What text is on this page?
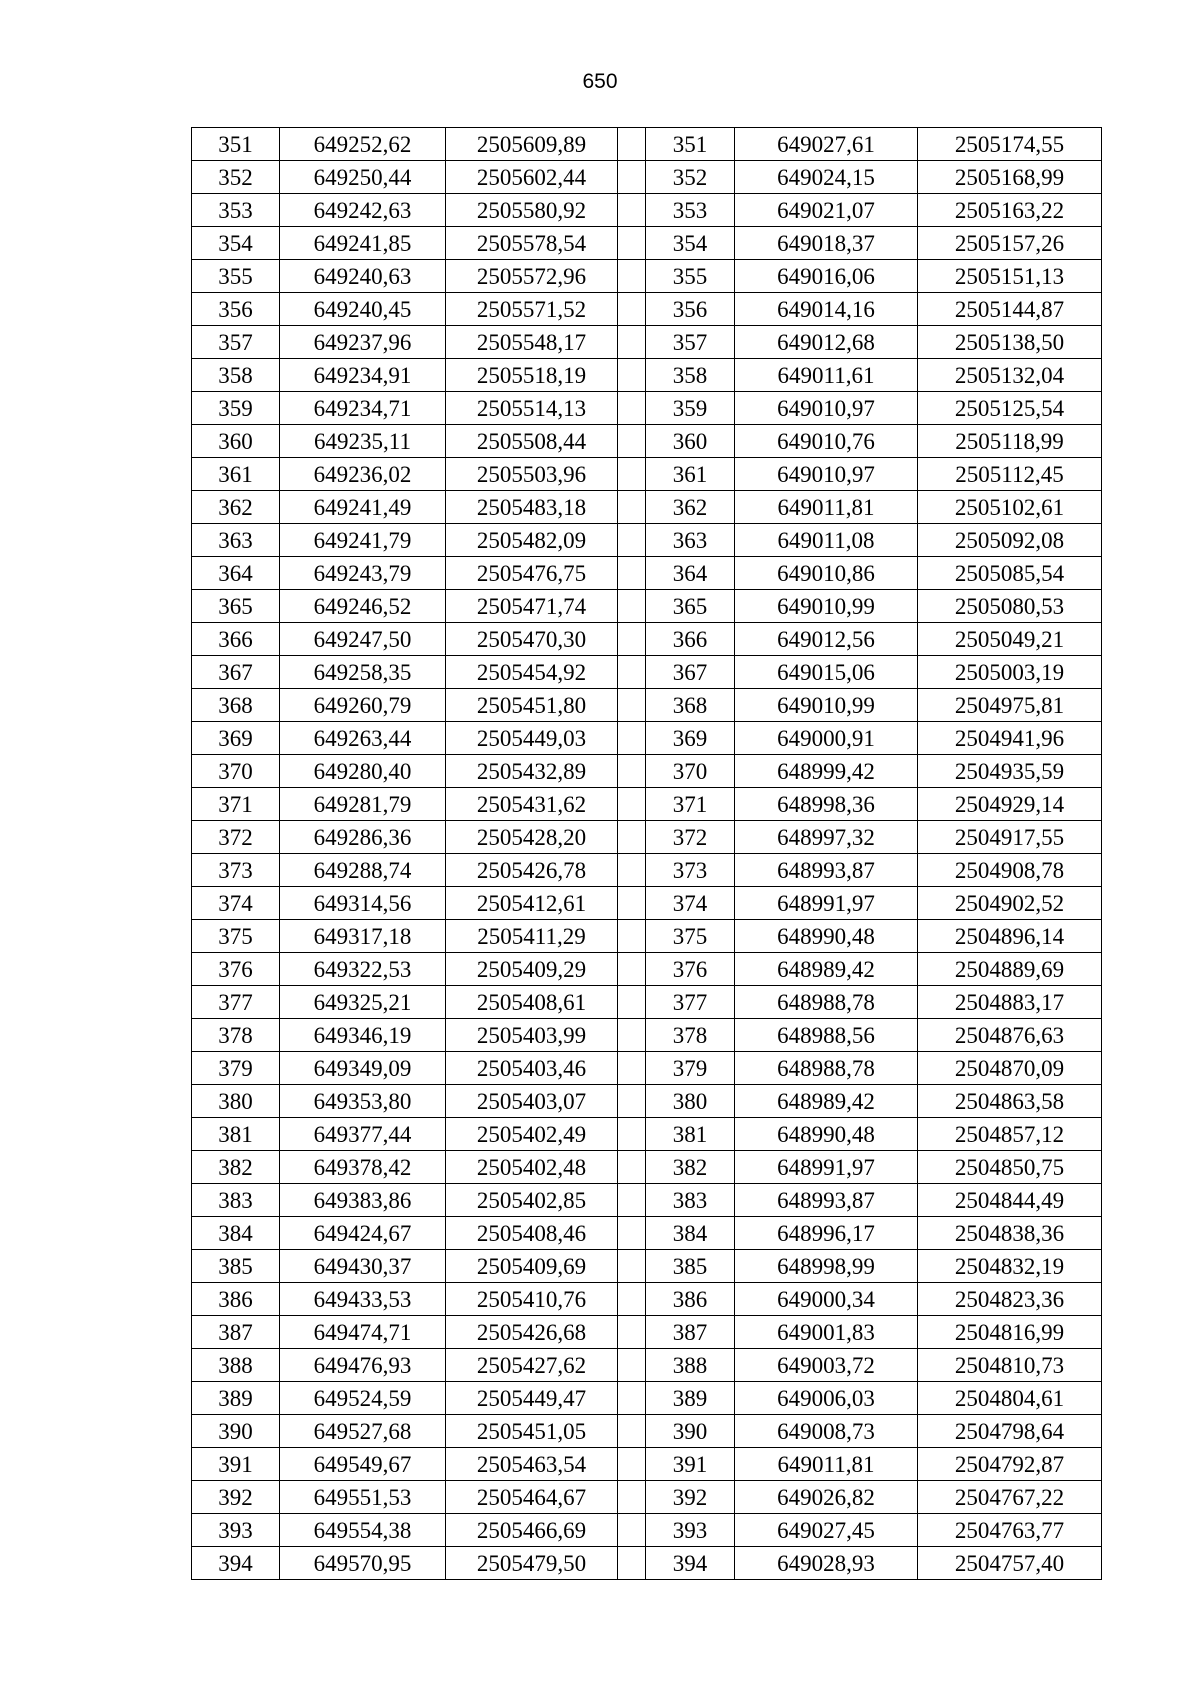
650
351	649252,62	2505609,89		351	649027,61	2505174,55
352	649250,44	2505602,44		352	649024,15	2505168,99
353	649242,63	2505580,92		353	649021,07	2505163,22
354	649241,85	2505578,54		354	649018,37	2505157,26
355	649240,63	2505572,96		355	649016,06	2505151,13
356	649240,45	2505571,52		356	649014,16	2505144,87
357	649237,96	2505548,17		357	649012,68	2505138,50
358	649234,91	2505518,19		358	649011,61	2505132,04
359	649234,71	2505514,13		359	649010,97	2505125,54
360	649235,11	2505508,44		360	649010,76	2505118,99
361	649236,02	2505503,96		361	649010,97	2505112,45
362	649241,49	2505483,18		362	649011,81	2505102,61
363	649241,79	2505482,09		363	649011,08	2505092,08
364	649243,79	2505476,75		364	649010,86	2505085,54
365	649246,52	2505471,74		365	649010,99	2505080,53
366	649247,50	2505470,30		366	649012,56	2505049,21
367	649258,35	2505454,92		367	649015,06	2505003,19
368	649260,79	2505451,80		368	649010,99	2504975,81
369	649263,44	2505449,03		369	649000,91	2504941,96
370	649280,40	2505432,89		370	648999,42	2504935,59
371	649281,79	2505431,62		371	648998,36	2504929,14
372	649286,36	2505428,20		372	648997,32	2504917,55
373	649288,74	2505426,78		373	648993,87	2504908,78
374	649314,56	2505412,61		374	648991,97	2504902,52
375	649317,18	2505411,29		375	648990,48	2504896,14
376	649322,53	2505409,29		376	648989,42	2504889,69
377	649325,21	2505408,61		377	648988,78	2504883,17
378	649346,19	2505403,99		378	648988,56	2504876,63
379	649349,09	2505403,46		379	648988,78	2504870,09
380	649353,80	2505403,07		380	648989,42	2504863,58
381	649377,44	2505402,49		381	648990,48	2504857,12
382	649378,42	2505402,48		382	648991,97	2504850,75
383	649383,86	2505402,85		383	648993,87	2504844,49
384	649424,67	2505408,46		384	648996,17	2504838,36
385	649430,37	2505409,69		385	648998,99	2504832,19
386	649433,53	2505410,76		386	649000,34	2504823,36
387	649474,71	2505426,68		387	649001,83	2504816,99
388	649476,93	2505427,62		388	649003,72	2504810,73
389	649524,59	2505449,47		389	649006,03	2504804,61
390	649527,68	2505451,05		390	649008,73	2504798,64
391	649549,67	2505463,54		391	649011,81	2504792,87
392	649551,53	2505464,67		392	649026,82	2504767,22
393	649554,38	2505466,69		393	649027,45	2504763,77
394	649570,95	2505479,50		394	649028,93	2504757,40
